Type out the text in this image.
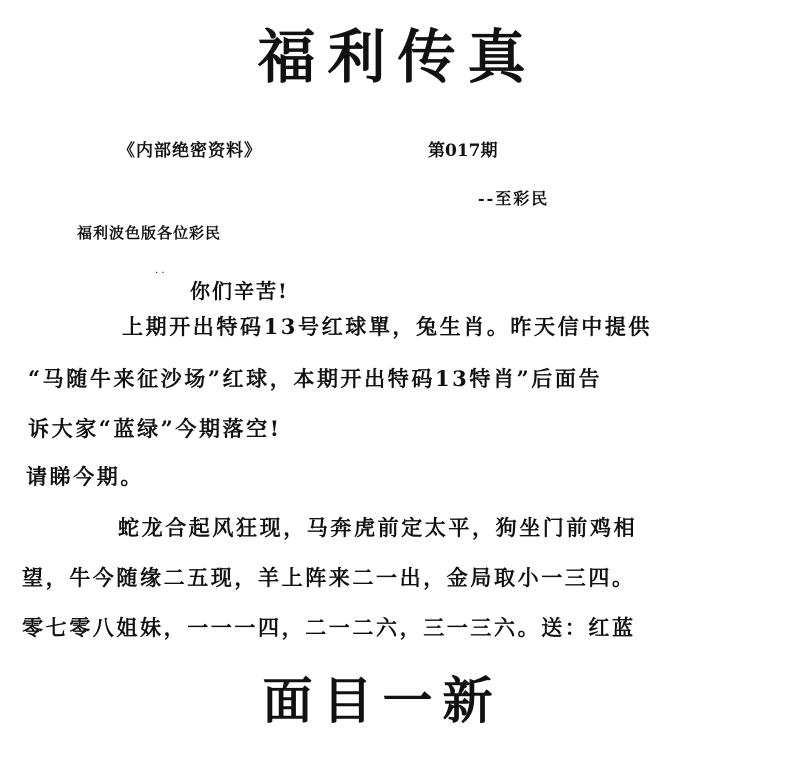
福利传真
《内部绝密资料》	第017期
--至彩民
福利波色版各位彩民
· ·
你们辛苦!
上期开出特码13号红球單，兔生肖。昨天信中提供
“马随牛来征沙场”红球，本期开出特码13特肖”后面告
诉大家“蓝绿”今期落空!
请睇今期。
蛇龙合起风狂现，马奔虎前定太平，狗坐门前鸡相
望，牛今随缘二五现，羊上阵来二一出，金局取小一三四。
零七零八姐妹，一一一四，二一二六，三一三六。送：红蓝
面目一新
